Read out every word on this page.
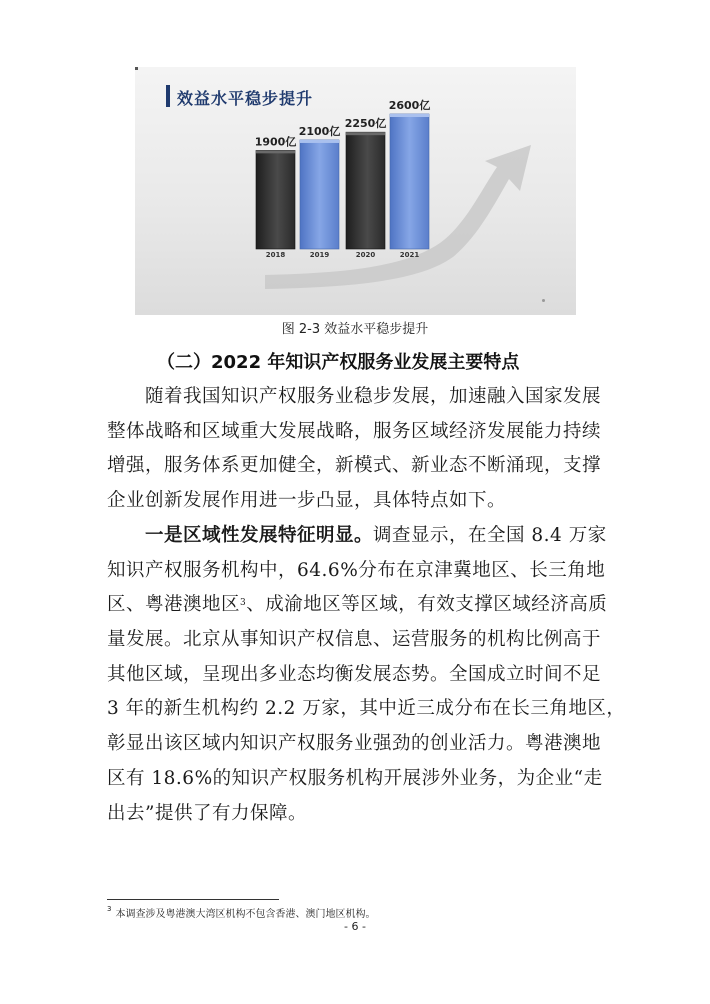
效益水平稳步提升
1900亿
2018
2100亿
2019
2250亿
2020
2600亿
2021
图 2-3 效益水平稳步提升
（二）2022 年知识产权服务业发展主要特点
随着我国知识产权服务业稳步发展，加速融入国家发展
整体战略和区域重大发展战略，服务区域经济发展能力持续
增强，服务体系更加健全，新模式、新业态不断涌现，支撑
企业创新发展作用进一步凸显，具体特点如下。
一是区域性发展特征明显。调查显示，在全国 8.4 万家
知识产权服务机构中，64.6%分布在京津冀地区、长三角地
区、粤港澳地区$^3$、成渝地区等区域，有效支撑区域经济高质
量发展。北京从事知识产权信息、运营服务的机构比例高于
其他区域，呈现出多业态均衡发展态势。全国成立时间不足
3 年的新生机构约 2.2 万家，其中近三成分布在长三角地区，
彰显出该区域内知识产权服务业强劲的创业活力。粤港澳地
区有 18.6%的知识产权服务机构开展涉外业务，为企业“走
出去”提供了有力保障。
$^3$ 本调查涉及粤港澳大湾区机构不包含香港、澳门地区机构。
- 6 -
